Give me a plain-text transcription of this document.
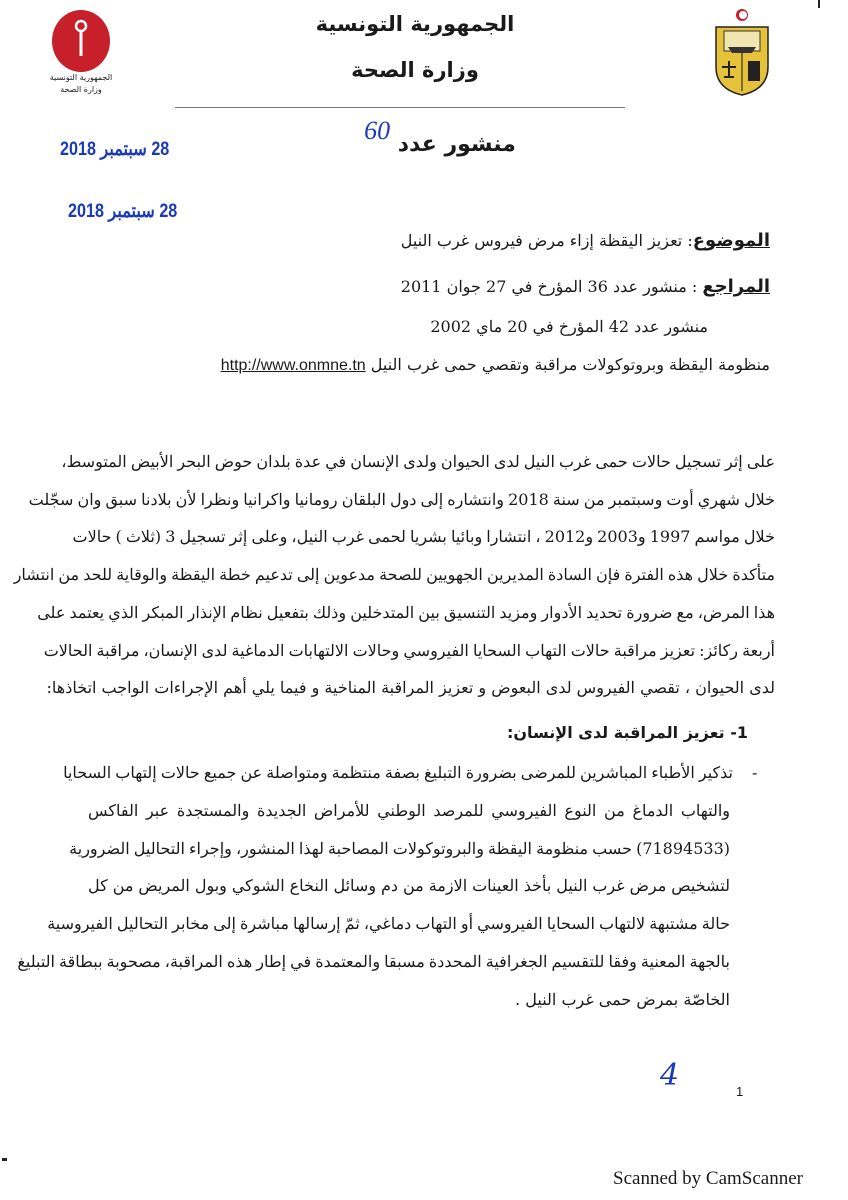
الجمهورية التونسية
وزارة الصحة
الجمهورية التونسية
وزارة الصحة
منشور عدد 60
28 سبتمبر 2018
28 سبتمبر 2018
الموضوع: تعزيز اليقظة إزاء مرض فيروس غرب النيل
المراجع : منشور عدد 36 المؤرخ في 27 جوان 2011
منشور عدد 42 المؤرخ في 20 ماي 2002
منظومة اليقظة وبروتوكولات مراقبة وتقصي حمى غرب النيل http://www.onmne.tn
على إثر تسجيل حالات حمى غرب النيل لدى الحيوان ولدى الإنسان في عدة بلدان حوض البحر الأبيض المتوسط،
خلال شهري أوت وسبتمبر من سنة 2018 وانتشاره إلى دول البلقان رومانيا واكرانيا ونظرا لأن بلادنا سبق وان سجّلت
خلال مواسم 1997 و2003 و2012 ، انتشارا وبائيا بشريا لحمى غرب النيل، وعلى إثر تسجيل 3 (ثلاث ) حالات
متأكدة خلال هذه الفترة فإن السادة المديرين الجهويين للصحة مدعوين إلى تدعيم خطة اليقظة والوقاية للحد من انتشار
هذا المرض، مع ضرورة تحديد الأدوار ومزيد التنسيق بين المتدخلين وذلك بتفعيل نظام الإنذار المبكر الذي يعتمد على
أربعة ركائز: تعزيز مراقبة حالات التهاب السحايا الفيروسي وحالات الالتهابات الدماغية لدى الإنسان، مراقبة الحالات
لدى الحيوان ، تقصي الفيروس لدى البعوض و تعزيز المراقبة المناخية و فيما يلي أهم الإجراءات الواجب اتخاذها:
1- تعزيز المراقبة لدى الإنسان:
-
تذكير الأطباء المباشرين للمرضى بضرورة التبليغ بصفة منتظمة ومتواصلة عن جميع حالات إلتهاب السحايا
والتهاب الدماغ من النوع الفيروسي للمرصد الوطني للأمراض الجديدة والمستجدة عبر الفاكس
(71894533) حسب منظومة اليقظة والبروتوكولات المصاحبة لهذا المنشور، وإجراء التحاليل الضرورية
لتشخيص مرض غرب النيل بأخذ العينات الازمة من دم وسائل النخاع الشوكي وبول المريض من كل
حالة مشتبهة لالتهاب السحايا الفيروسي أو التهاب دماغي، ثمّ إرسالها مباشرة إلى مخابر التحاليل الفيروسية
بالجهة المعنية وفقا للتقسيم الجغرافية المحددة مسبقا والمعتمدة في إطار هذه المراقبة، مصحوبة ببطاقة التبليغ
الخاصّة بمرض حمى غرب النيل .
4	1
Scanned by CamScanner
